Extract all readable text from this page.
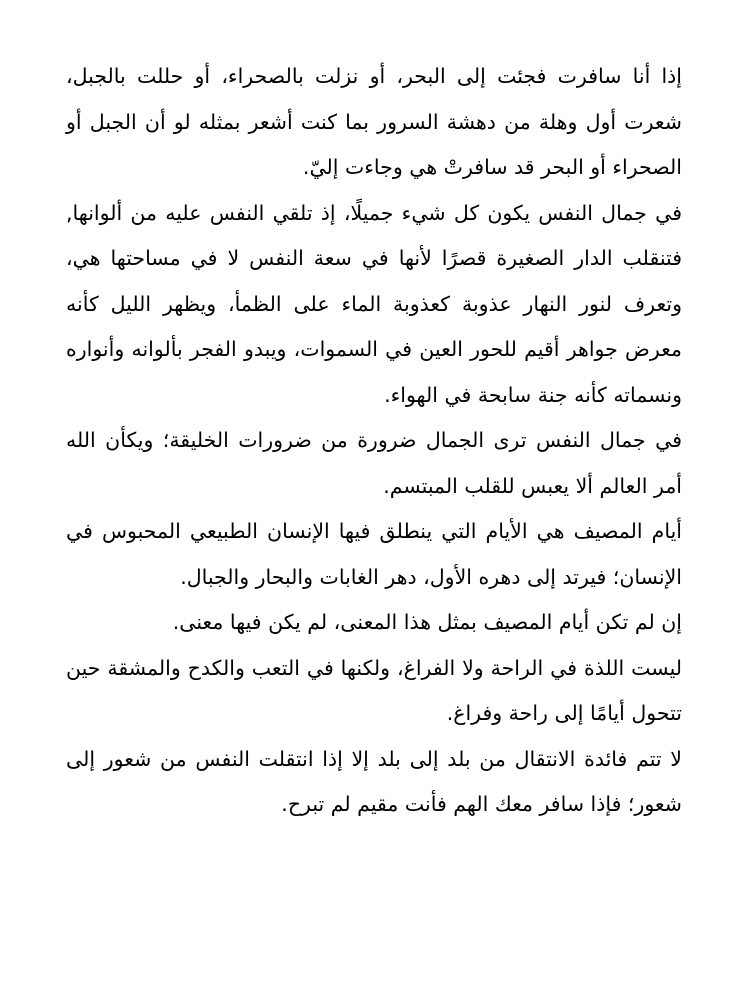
إذا أنا سافرت فجئت إلى البحر، أو نزلت بالصحراء، أو حللت بالجبل، شعرت أول وهلة من دهشة السرور بما كنت أشعر بمثله لو أن الجبل أو الصحراء أو البحر قد سافرتْ هي وجاءت إليّ.

في جمال النفس يكون كل شيء جميلًا، إذ تلقي النفس عليه من ألوانها, فتنقلب الدار الصغيرة قصرًا لأنها في سعة النفس لا في مساحتها هي، وتعرف لنور النهار عذوبة كعذوبة الماء على الظمأ، ويظهر الليل كأنه معرض جواهر أقيم للحور العين في السموات، ويبدو الفجر بألوانه وأنواره ونسماته كأنه جنة سابحة في الهواء.

في جمال النفس ترى الجمال ضرورة من ضرورات الخليقة؛ ويكأن الله أمر العالم ألا يعبس للقلب المبتسم.

أيام المصيف هي الأيام التي ينطلق فيها الإنسان الطبيعي المحبوس في الإنسان؛ فيرتد إلى دهره الأول، دهر الغابات والبحار والجبال.

إن لم تكن أيام المصيف بمثل هذا المعنى، لم يكن فيها معنى.

ليست اللذة في الراحة ولا الفراغ، ولكنها في التعب والكدح والمشقة حين تتحول أيامًا إلى راحة وفراغ.

لا تتم فائدة الانتقال من بلد إلى بلد إلا إذا انتقلت النفس من شعور إلى شعور؛ فإذا سافر معك الهم فأنت مقيم لم تبرح.
